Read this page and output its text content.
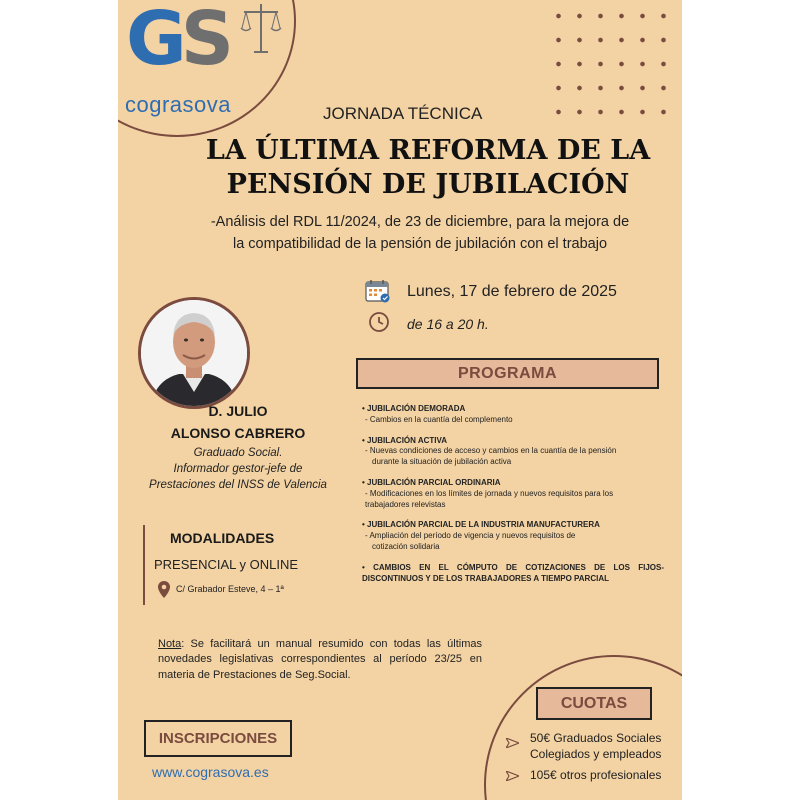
GS
cograsova	JORNADA TÉCNICA
LA ÚLTIMA REFORMA DE LA
PENSIÓN DE JUBILACIÓN
-Análisis del RDL 11/2024, de 23 de diciembre, para la mejora de
la compatibilidad de la pensión de jubilación con el trabajo
Lunes, 17 de febrero de 2025
de 16 a 20 h.
D. JULIO
ALONSO CABRERO
Graduado Social.
Informador gestor-jefe de
Prestaciones del INSS de Valencia
PROGRAMA
• JUBILACIÓN DEMORADA
- Cambios en la cuantía del complemento
• JUBILACIÓN ACTIVA
- Nuevas condiciones de acceso y cambios en la cuantía de la pensión
durante la situación de jubilación activa
• JUBILACIÓN PARCIAL ORDINARIA
- Modificaciones en los límites de jornada y nuevos requisitos para los
trabajadores relevistas
• JUBILACIÓN PARCIAL DE LA INDUSTRIA MANUFACTURERA
- Ampliación del período de vigencia y nuevos requisitos de
cotización solidaria
• CAMBIOS EN EL CÓMPUTO DE COTIZACIONES DE LOS FIJOS-DISCONTINUOS Y DE LOS TRABAJADORES A TIEMPO PARCIAL
MODALIDADES
PRESENCIAL y ONLINE
C/ Grabador Esteve, 4 – 1ª
Nota: Se facilitará un manual resumido con todas las últimas novedades legislativas correspondientes al período 23/25 en materia de Prestaciones de Seg.Social.
INSCRIPCIONES
www.cograsova.es
CUOTAS
50€ Graduados Sociales
Colegiados y empleados
105€ otros profesionales
